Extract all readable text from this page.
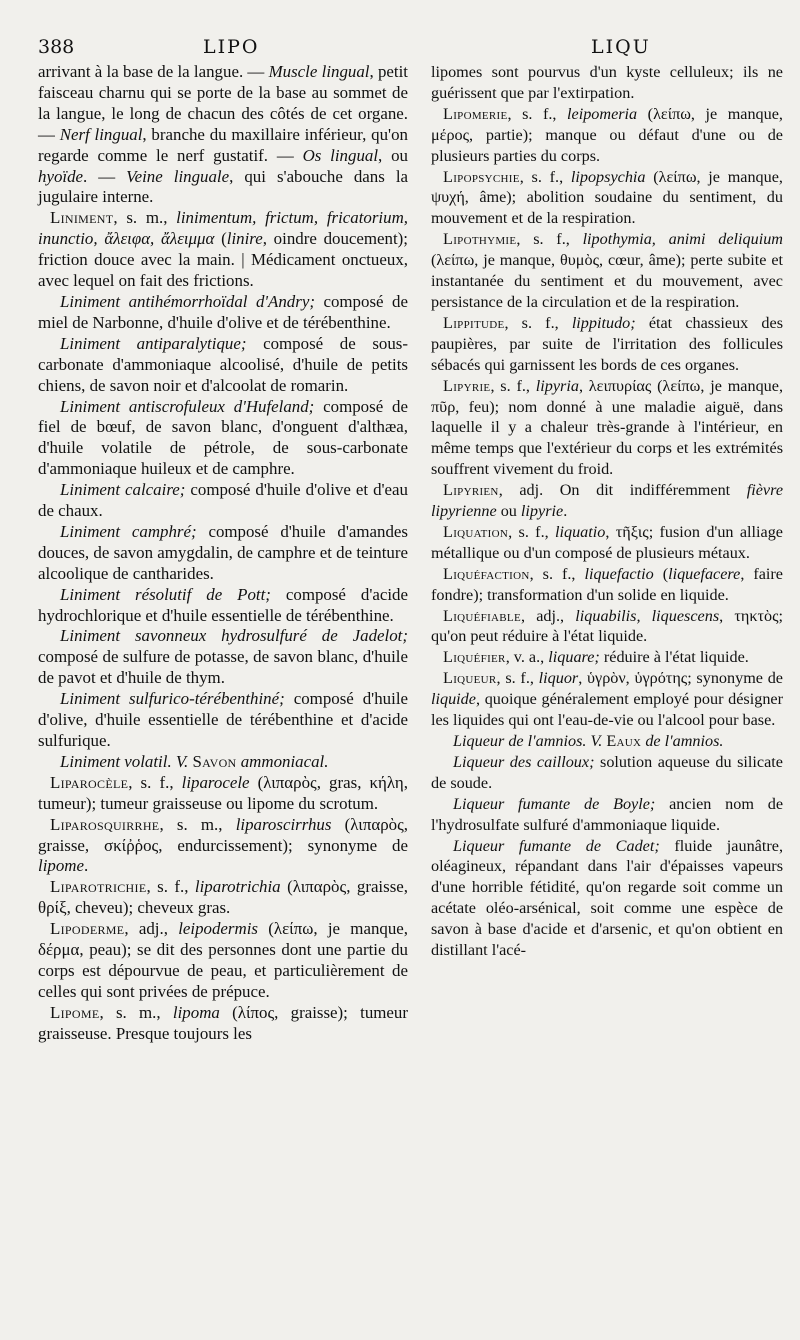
388	LIPO	LIQU

arrivant à la base de la langue. — Muscle lingual, petit faisceau charnu qui se porte de la base au sommet de la langue, le long de chacun des côtés de cet organe. — Nerf lingual, branche du maxillaire inférieur, qu'on regarde comme le nerf gustatif. — Os lingual, ou hyoïde. — Veine linguale, qui s'abouche dans la jugulaire interne.

Liniment, s. m., linimentum, frictum, fricatorium, inunctio, ἄλειφα, ἄλειμμα (linire, oindre doucement); friction douce avec la main. | Médicament onctueux, avec lequel on fait des frictions.

Liniment antihémorrhoïdal d'Andry; composé de miel de Narbonne, d'huile d'olive et de térébenthine.

Liniment antiparalytique; composé de sous-carbonate d'ammoniaque alcoolisé, d'huile de petits chiens, de savon noir et d'alcoolat de romarin.

Liniment antiscrofuleux d'Hufeland; composé de fiel de bœuf, de savon blanc, d'onguent d'althæa, d'huile volatile de pétrole, de sous-carbonate d'ammoniaque huileux et de camphre.

Liniment calcaire; composé d'huile d'olive et d'eau de chaux.

Liniment camphré; composé d'huile d'amandes douces, de savon amygdalin, de camphre et de teinture alcoolique de cantharides.

Liniment résolutif de Pott; composé d'acide hydrochlorique et d'huile essentielle de térébenthine.

Liniment savonneux hydrosulfuré de Jadelot; composé de sulfure de potasse, de savon blanc, d'huile de pavot et d'huile de thym.

Liniment sulfurico-térébenthiné; composé d'huile d'olive, d'huile essentielle de térébenthine et d'acide sulfurique.

Liniment volatil. V. Savon ammoniacal.

Liparocèle, s. f., liparocele (λιπαρὸς, gras, κήλη, tumeur); tumeur graisseuse ou lipome du scrotum.

Liparosquirrhe, s. m., liparoscirrhus (λιπαρὸς, graisse, σκίῤῥος, endurcissement); synonyme de lipome.

Liparotrichie, s. f., liparotrichia (λιπαρὸς, graisse, θρίξ, cheveu); cheveux gras.

Lipoderme, adj., leipodermis (λείπω, je manque, δέρμα, peau); se dit des personnes dont une partie du corps est dépourvue de peau, et particulièrement de celles qui sont privées de prépuce.

Lipome, s. m., lipoma (λίπος, graisse); tumeur graisseuse. Presque toujours les

lipomes sont pourvus d'un kyste celluleux; ils ne guérissent que par l'extirpation.

Lipomerie, s. f., leipomeria (λείπω, je manque, μέρος, partie); manque ou défaut d'une ou de plusieurs parties du corps.

Lipopsychie, s. f., lipopsychia (λείπω, je manque, ψυχή, âme); abolition soudaine du sentiment, du mouvement et de la respiration.

Lipothymie, s. f., lipothymia, animi deliquium (λείπω, je manque, θυμὸς, cœur, âme); perte subite et instantanée du sentiment et du mouvement, avec persistance de la circulation et de la respiration.

Lippitude, s. f., lippitudo; état chassieux des paupières, par suite de l'irritation des follicules sébacés qui garnissent les bords de ces organes.

Lipyrie, s. f., lipyria, λειπυρίας (λείπω, je manque, πῦρ, feu); nom donné à une maladie aiguë, dans laquelle il y a chaleur très-grande à l'intérieur, en même temps que l'extérieur du corps et les extrémités souffrent vivement du froid.

Lipyrien, adj. On dit indifféremment fièvre lipyrienne ou lipyrie.

Liquation, s. f., liquatio, τῆξις; fusion d'un alliage métallique ou d'un composé de plusieurs métaux.

Liquéfaction, s. f., liquefactio (liquefacere, faire fondre); transformation d'un solide en liquide.

Liquéfiable, adj., liquabilis, liquescens, τηκτὸς; qu'on peut réduire à l'état liquide.

Liquéfier, v. a., liquare; réduire à l'état liquide.

Liqueur, s. f., liquor, ὑγρὸν, ὑγρότης; synonyme de liquide, quoique généralement employé pour désigner les liquides qui ont l'eau-de-vie ou l'alcool pour base.

Liqueur de l'amnios. V. Eaux de l'amnios.

Liqueur des cailloux; solution aqueuse du silicate de soude.

Liqueur fumante de Boyle; ancien nom de l'hydrosulfate sulfuré d'ammoniaque liquide.

Liqueur fumante de Cadet; fluide jaunâtre, oléagineux, répandant dans l'air d'épaisses vapeurs d'une horrible fétidité, qu'on regarde soit comme un acétate oléo-arsénical, soit comme une espèce de savon à base d'acide et d'arsenic, et qu'on obtient en distillant l'acé-
